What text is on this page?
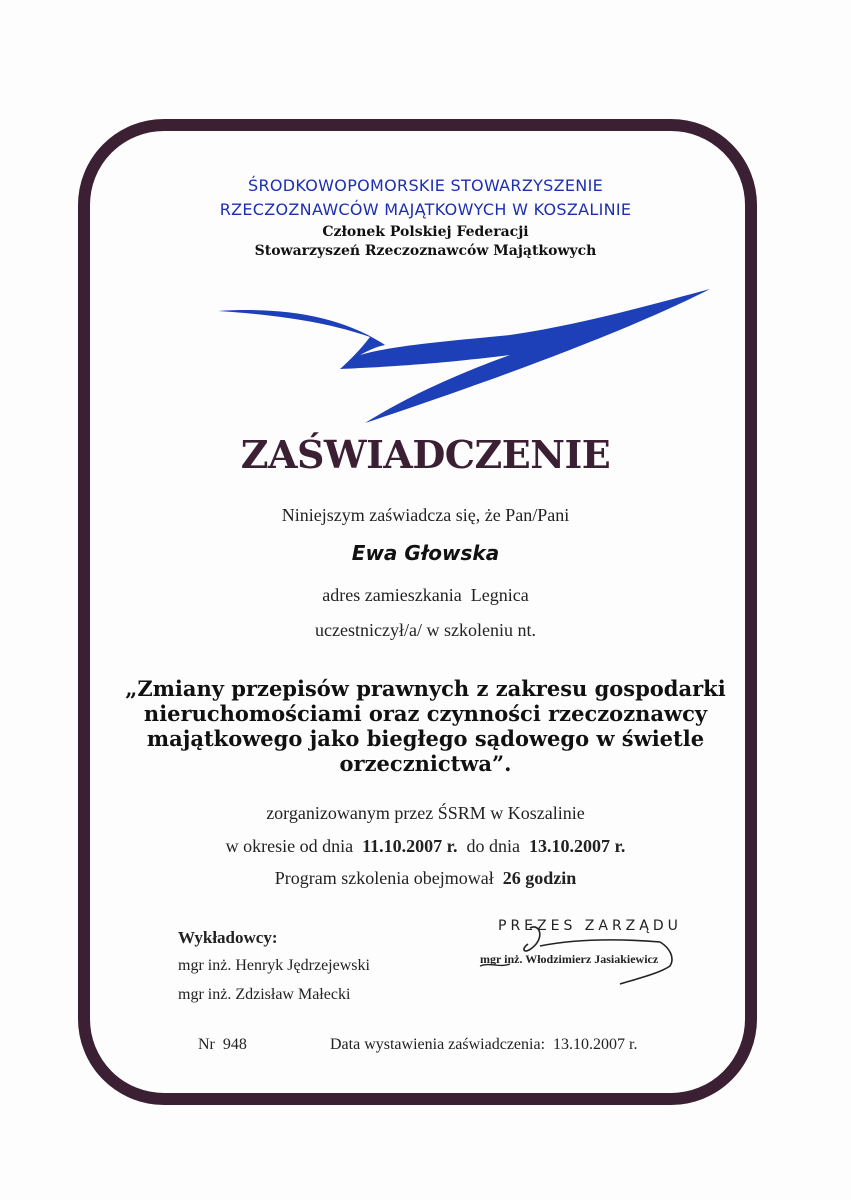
ŚRODKOWOPOMORSKIE STOWARZYSZENIE
RZECZOZNAWCÓW MAJĄTKOWYCH W KOSZALINIE
Członek Polskiej Federacji
Stowarzyszeń Rzeczoznawców Majątkowych
ZAŚWIADCZENIE
Niniejszym zaświadcza się, że Pan/Pani
Ewa Głowska
adres zamieszkania Legnica
uczestniczył/a/ w szkoleniu nt.
„Zmiany przepisów prawnych z zakresu gospodarki
nieruchomościami oraz czynności rzeczoznawcy
majątkowego jako biegłego sądowego w świetle
orzecznictwa”.
zorganizowanym przez ŚSRM w Koszalinie
w okresie od dnia 11.10.2007 r. do dnia 13.10.2007 r.
Program szkolenia obejmował 26 godzin
Wykładowcy:
mgr inż. Henryk Jędrzejewski
mgr inż. Zdzisław Małecki
PREZES ZARZĄDU
mgr inż. Włodzimierz Jasiakiewicz
Nr 948	Data wystawienia zaświadczenia: 13.10.2007 r.
